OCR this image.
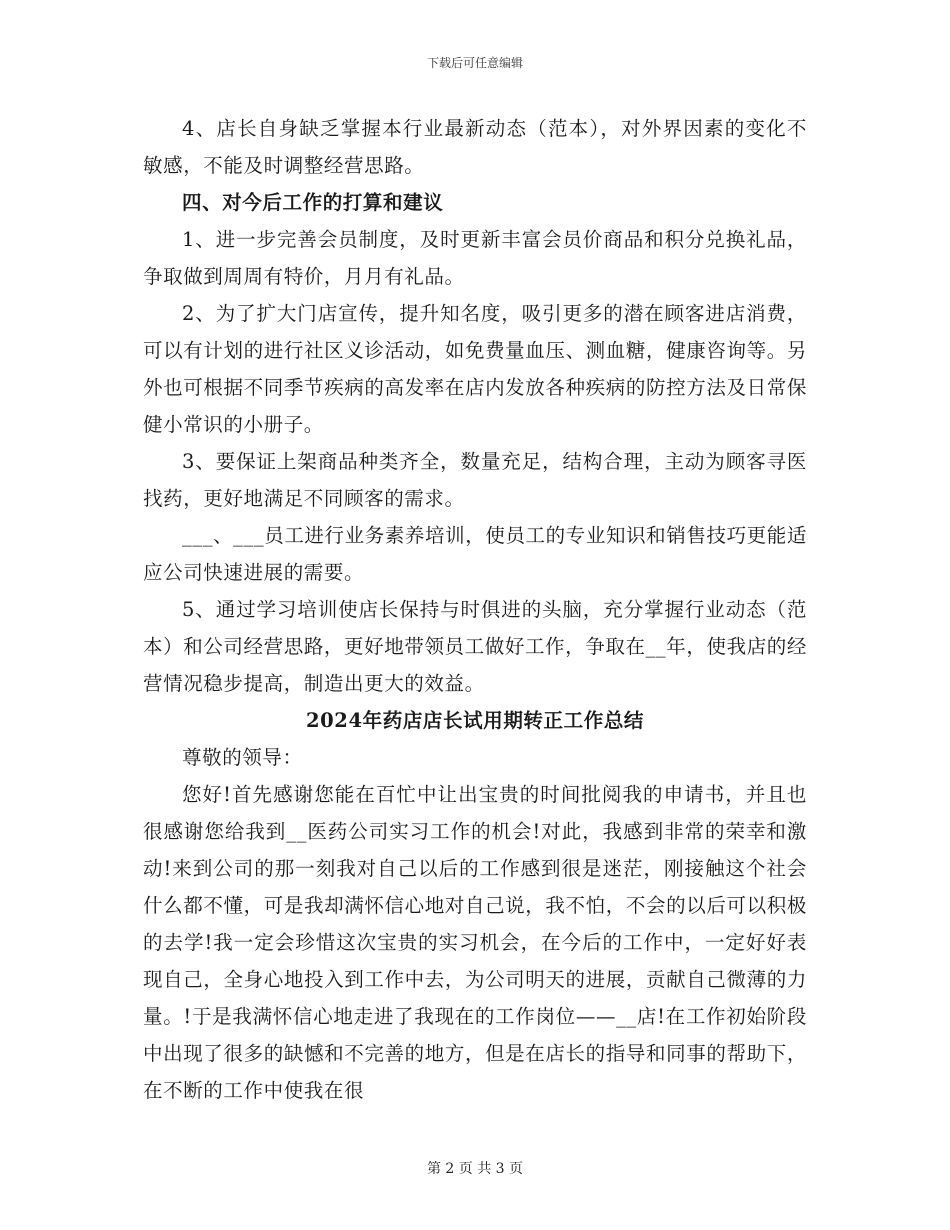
下载后可任意编辑

4、店长自身缺乏掌握本行业最新动态（范本），对外界因素的变化不敏感，不能及时调整经营思路。

四、对今后工作的打算和建议

1、进一步完善会员制度，及时更新丰富会员价商品和积分兑换礼品，争取做到周周有特价，月月有礼品。

2、为了扩大门店宣传，提升知名度，吸引更多的潜在顾客进店消费，可以有计划的进行社区义诊活动，如免费量血压、测血糖，健康咨询等。另外也可根据不同季节疾病的高发率在店内发放各种疾病的防控方法及日常保健小常识的小册子。

3、要保证上架商品种类齐全，数量充足，结构合理，主动为顾客寻医找药，更好地满足不同顾客的需求。

___、___员工进行业务素养培训，使员工的专业知识和销售技巧更能适应公司快速进展的需要。

5、通过学习培训使店长保持与时俱进的头脑，充分掌握行业动态（范本）和公司经营思路，更好地带领员工做好工作，争取在__年，使我店的经营情况稳步提高，制造出更大的效益。

2024年药店店长试用期转正工作总结

尊敬的领导：

您好!首先感谢您能在百忙中让出宝贵的时间批阅我的申请书，并且也很感谢您给我到__医药公司实习工作的机会!对此，我感到非常的荣幸和激动!来到公司的那一刻我对自己以后的工作感到很是迷茫，刚接触这个社会什么都不懂，可是我却满怀信心地对自己说，我不怕，不会的以后可以积极的去学!我一定会珍惜这次宝贵的实习机会，在今后的工作中，一定好好表现自己，全身心地投入到工作中去，为公司明天的进展，贡献自己微薄的力量。!于是我满怀信心地走进了我现在的工作岗位——__店!在工作初始阶段中出现了很多的缺憾和不完善的地方，但是在店长的指导和同事的帮助下，在不断的工作中使我在很

第 2 页 共 3 页
